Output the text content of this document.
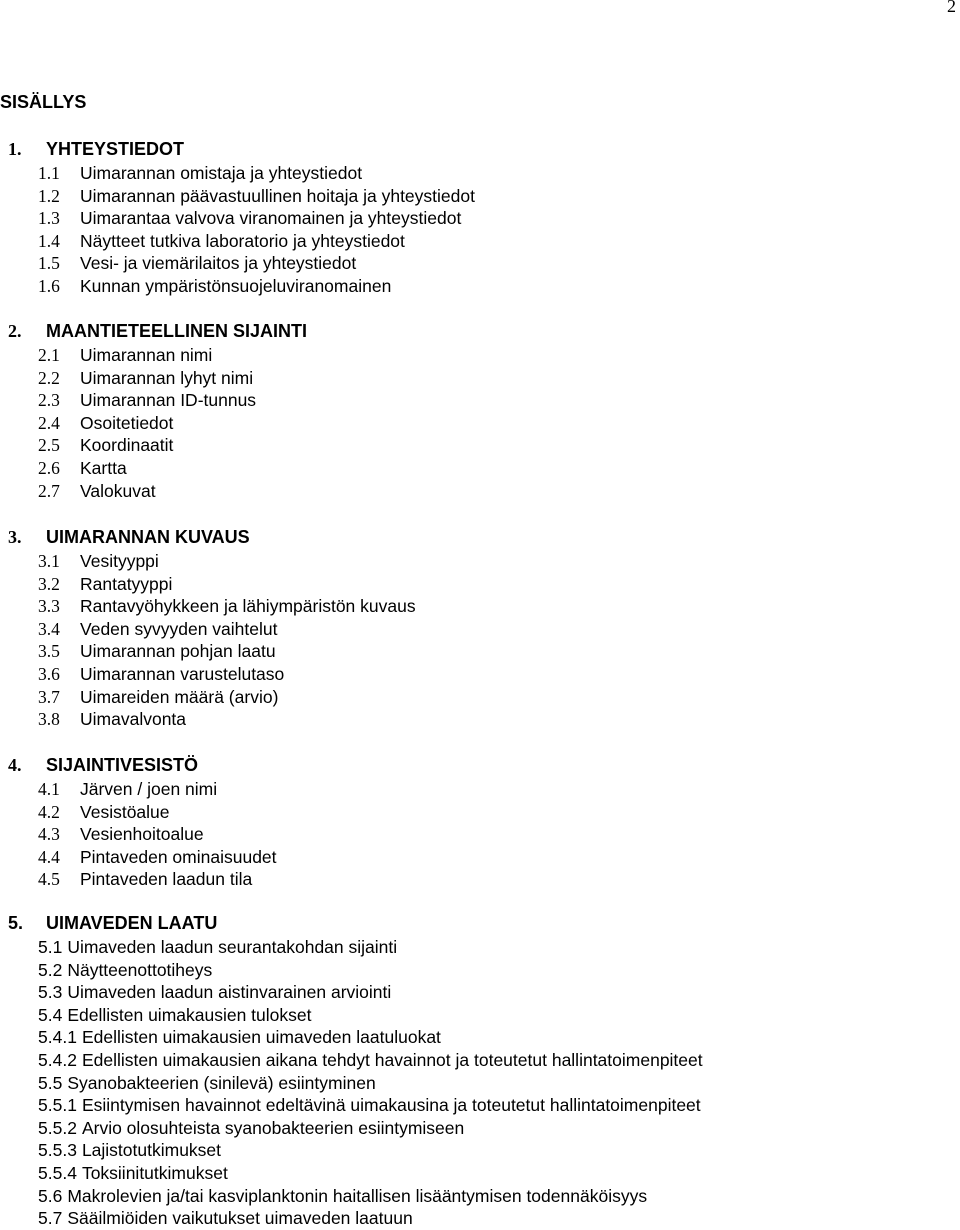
2
SISÄLLYS
1. YHTEYSTIEDOT
1.1 Uimarannan omistaja ja yhteystiedot
1.2 Uimarannan päävastuullinen hoitaja ja yhteystiedot
1.3 Uimarantaa valvova viranomainen ja yhteystiedot
1.4 Näytteet tutkiva laboratorio ja yhteystiedot
1.5 Vesi- ja viemärilaitos ja yhteystiedot
1.6 Kunnan ympäristönsuojeluviranomainen
2. MAANTIETEELLINEN SIJAINTI
2.1 Uimarannan nimi
2.2 Uimarannan lyhyt nimi
2.3 Uimarannan ID-tunnus
2.4 Osoitetiedot
2.5 Koordinaatit
2.6 Kartta
2.7 Valokuvat
3. UIMARANNAN KUVAUS
3.1 Vesityyppi
3.2 Rantatyyppi
3.3 Rantavyöhykkeen ja lähiympäristön kuvaus
3.4 Veden syvyyden vaihtelut
3.5 Uimarannan pohjan laatu
3.6 Uimarannan varustelutaso
3.7 Uimareiden määrä (arvio)
3.8 Uimavalvonta
4. SIJAINTIVESISTÖ
4.1 Järven / joen nimi
4.2 Vesistöalue
4.3 Vesienhoitoalue
4.4 Pintaveden ominaisuudet
4.5 Pintaveden laadun tila
5. UIMAVEDEN LAATU
5.1 Uimaveden laadun seurantakohdan sijainti
5.2 Näytteenottotiheys
5.3 Uimaveden laadun aistinvarainen arviointi
5.4 Edellisten uimakausien tulokset
5.4.1 Edellisten uimakausien uimaveden laatuluokat
5.4.2 Edellisten uimakausien aikana tehdyt havainnot ja toteutetut hallintatoimenpiteet
5.5 Syanobakteerien (sinilevä) esiintyminen
5.5.1 Esiintymisen havainnot edeltävinä uimakausina ja toteutetut hallintatoimenpiteet
5.5.2 Arvio olosuhteista syanobakteerien esiintymiseen
5.5.3 Lajistotutkimukset
5.5.4 Toksiinitutkimukset
5.6 Makrolevien ja/tai kasviplanktonin haitallisen lisääntymisen todennäköisyys
5.7 Sääilmiöiden vaikutukset uimaveden laatuun
